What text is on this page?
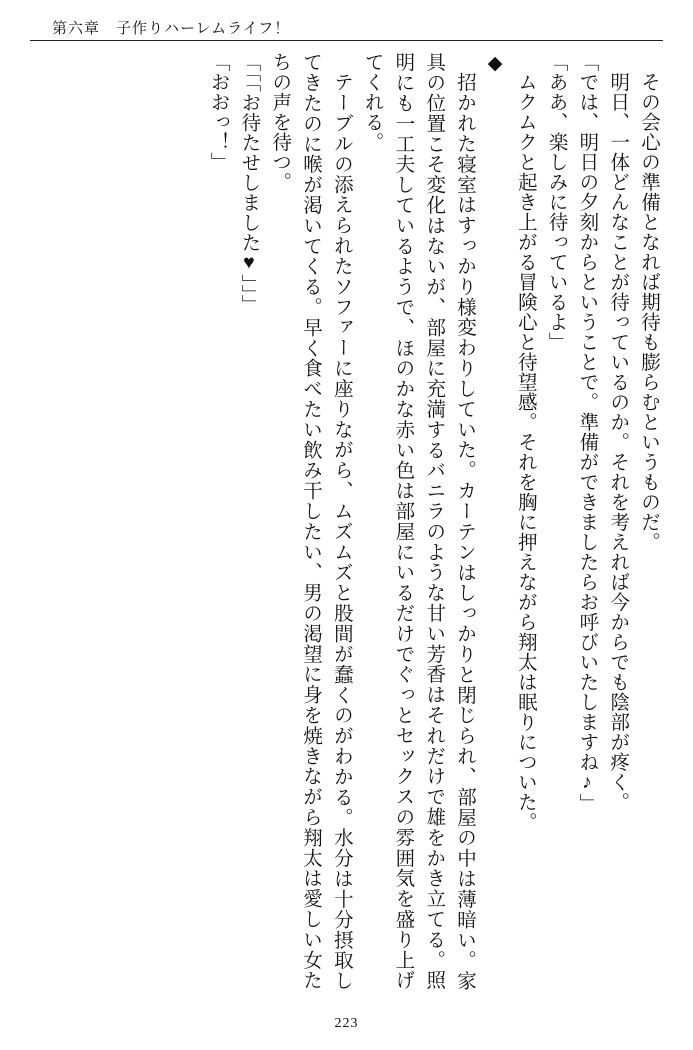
第六章 子作りハーレムライフ！

その会心の準備となれば期待も膨らむというものだ。

明日、一体どんなことが待っているのか。それを考えれば今からでも陰部が疼く。

「では、明日の夕刻からということで。準備ができましたらお呼びいたしますね♪」

「ああ、楽しみに待っているよ」

ムクムクと起き上がる冒険心と待望感。それを胸に押えながら翔太は眠りについた。

◆

招かれた寝室はすっかり様変わりしていた。カーテンはしっかりと閉じられ、部屋の中は薄暗い。家具の位置こそ変化はないが、部屋に充満するバニラのような甘い芳香はそれだけで雄をかき立てる。照明にも一工夫しているようで、ほのかな赤い色は部屋にいるだけでぐっとセックスの雰囲気を盛り上げてくれる。

テーブルの添えられたソファーに座りながら、ムズムズと股間が蠢くのがわかる。水分は十分摂取してきたのに喉が渇いてくる。早く食べたい飲み干したい、男の渇望に身を焼きながら翔太は愛しい女たちの声を待つ。

「「「お待たせしました♥」」」

「おおっ！」

223
